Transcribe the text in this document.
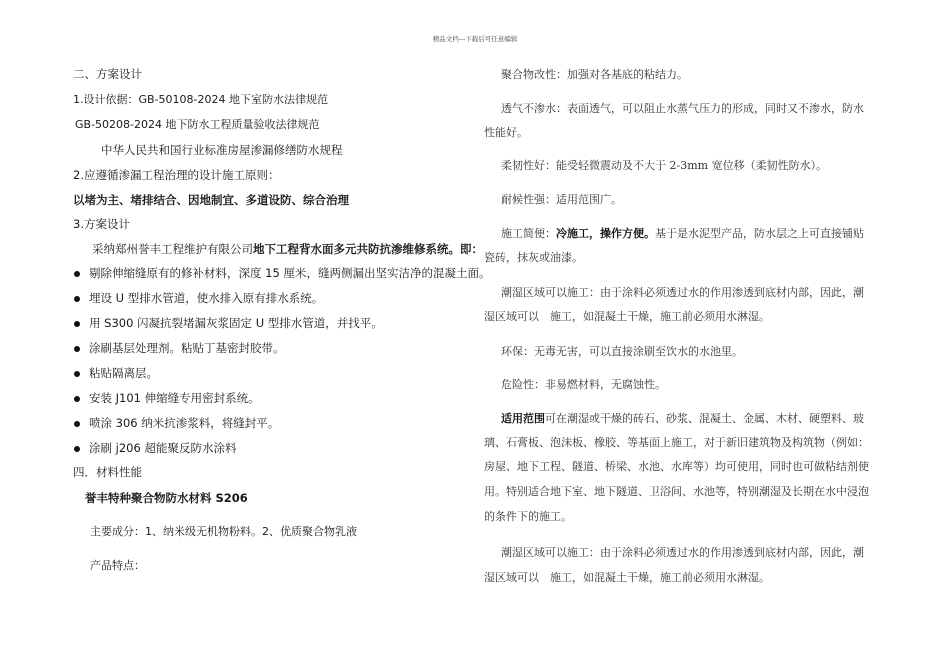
精品文档---下载后可任意编辑
二、方案设计
1.设计依据：GB-50108-2024 地下室防水法律规范
GB-50208-2024 地下防水工程质量验收法律规范
中华人民共和国行业标准房屋渗漏修缮防水规程
2.应遵循渗漏工程治理的设计施工原则：
以堵为主、堵排结合、因地制宜、多道设防、综合治理
3.方案设计
采纳郑州誉丰工程维护有限公司地下工程背水面多元共防抗渗维修系统。即：
剔除伸缩缝原有的修补材料，深度 15 厘米，缝两侧漏出坚实洁净的混凝土面。
埋设 U 型排水管道，使水排入原有排水系统。
用 S300 闪凝抗裂堵漏灰浆固定 U 型排水管道，并找平。
涂刷基层处理剂。粘贴丁基密封胶带。
粘贴隔离层。
安装 J101 伸缩缝专用密封系统。
喷涂 306 纳米抗渗浆料，将缝封平。
涂刷 j206 超能聚反防水涂料
四．材料性能
誉丰特种聚合物防水材料 S206
主要成分：1、纳米级无机物粉料。2、优质聚合物乳液
产品特点：
聚合物改性：加强对各基底的粘结力。
透气不渗水：表面透气，可以阻止水蒸气压力的形成，同时又不渗水，防水
性能好。
柔韧性好：能受轻微震动及不大于 2-3mm 宽位移（柔韧性防水）。
耐候性强：适用范围广。
施工简便：冷施工，操作方便。基于是水泥型产品，防水层之上可直接铺贴
瓷砖，抹灰或油漆。
潮湿区域可以施工：由于涂料必须透过水的作用渗透到底材内部，因此，潮
湿区域可以　施工，如混凝土干燥，施工前必须用水淋湿。
环保：无毒无害，可以直接涂刷至饮水的水池里。
危险性：非易燃材料，无腐蚀性。
适用范围可在潮湿或干燥的砖石、砂浆、混凝土、金属、木材、硬塑料、玻
璃、石膏板、泡沫板、橡胶、等基面上施工，对于新旧建筑物及构筑物（例如：
房屋、地下工程、隧道、桥梁、水池、水库等）均可使用，同时也可做粘结剂使
用。特别适合地下室、地下隧道、卫浴间、水池等，特别潮湿及长期在水中浸泡
的条件下的施工。
潮湿区域可以施工：由于涂料必须透过水的作用渗透到底材内部，因此，潮
湿区域可以　施工，如混凝土干燥，施工前必须用水淋湿。
